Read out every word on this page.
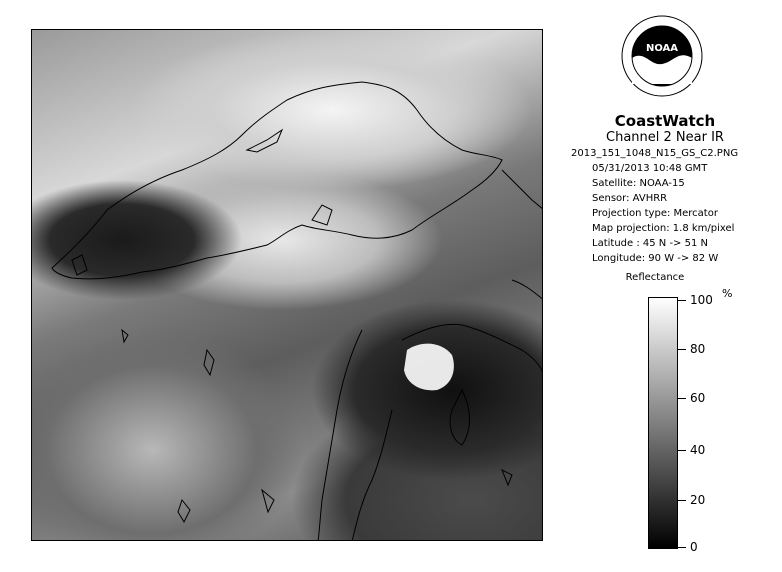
NOAA
CoastWatch
Channel 2 Near IR
2013_151_1048_N15_GS_C2.PNG
05/31/2013 10:48 GMT
Satellite: NOAA-15
Sensor: AVHRR
Projection type: Mercator
Map projection: 1.8 km/pixel
Latitude : 45 N -> 51 N
Longitude: 90 W -> 82 W
Reflectance
%
100
80
60
40
20
0
